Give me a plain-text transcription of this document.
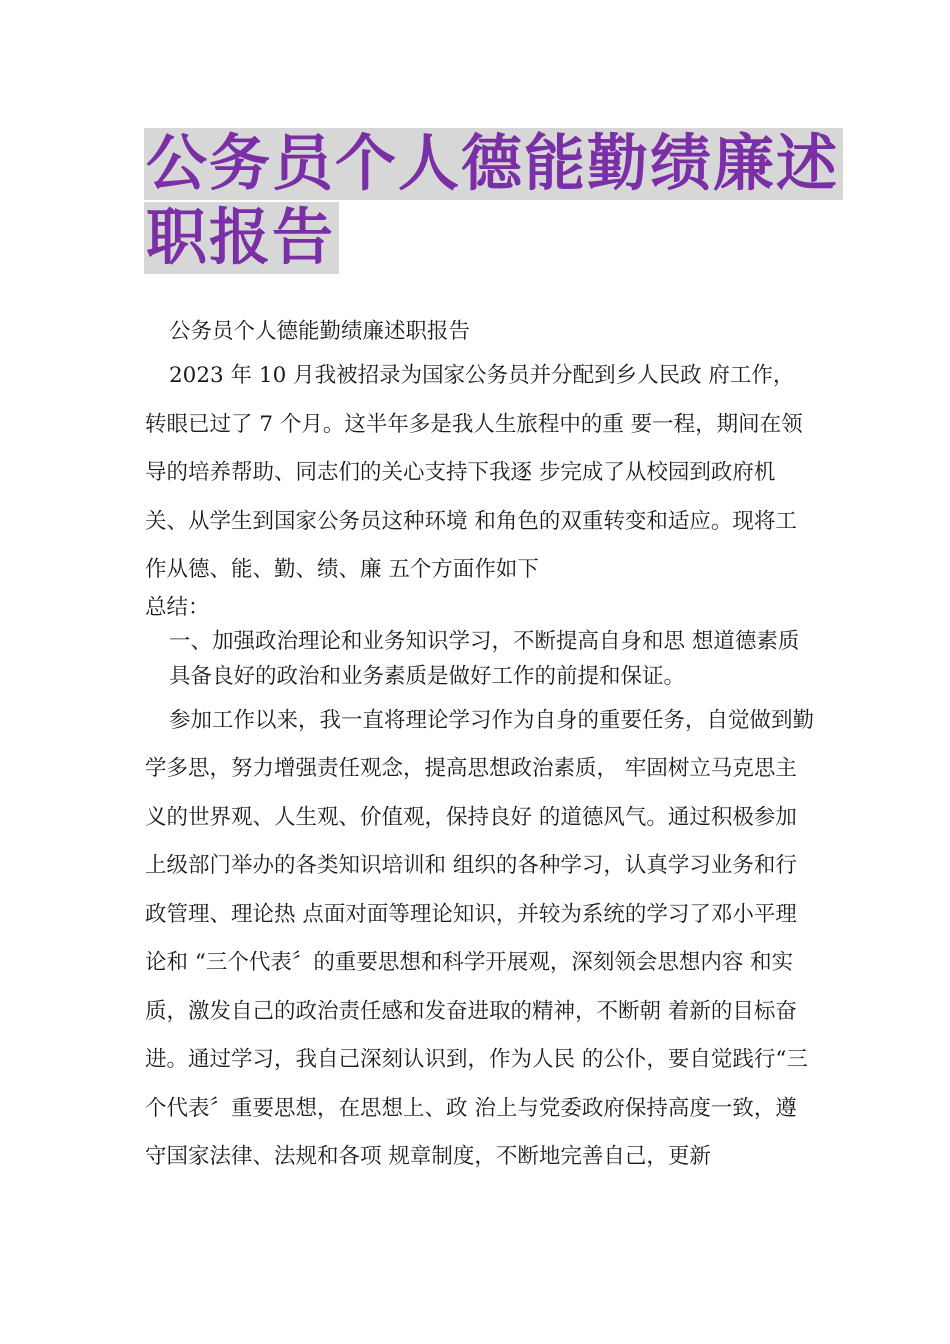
公务员个人德能勤绩廉述
职报告

公务员个人德能勤绩廉述职报告

2023 年 10 月我被招录为国家公务员并分配到乡人民政 府工作，转眼已过了 7 个月。这半年多是我人生旅程中的重 要一程，期间在领导的培养帮助、同志们的关心支持下我逐 步完成了从校园到政府机关、从学生到国家公务员这种环境 和角色的双重转变和适应。现将工作从德、能、勤、绩、廉 五个方面作如下

总结：

一、加强政治理论和业务知识学习，不断提高自身和思 想道德素质

具备良好的政治和业务素质是做好工作的前提和保证。

参加工作以来，我一直将理论学习作为自身的重要任务，自觉做到勤学多思，努力增强责任观念，提高思想政治素质， 牢固树立马克思主义的世界观、人生观、价值观，保持良好 的道德风气。通过积极参加上级部门举办的各类知识培训和 组织的各种学习，认真学习业务和行政管理、理论热 点面对面等理论知识，并较为系统的学习了邓小平理论和 “三个代表〞的重要思想和科学开展观，深刻领会思想内容 和实质，激发自己的政治责任感和发奋进取的精神，不断朝 着新的目标奋进。通过学习，我自己深刻认识到，作为人民 的公仆，要自觉践行“三个代表〞重要思想，在思想上、政 治上与党委政府保持高度一致，遵守国家法律、法规和各项 规章制度，不断地完善自己，更新
